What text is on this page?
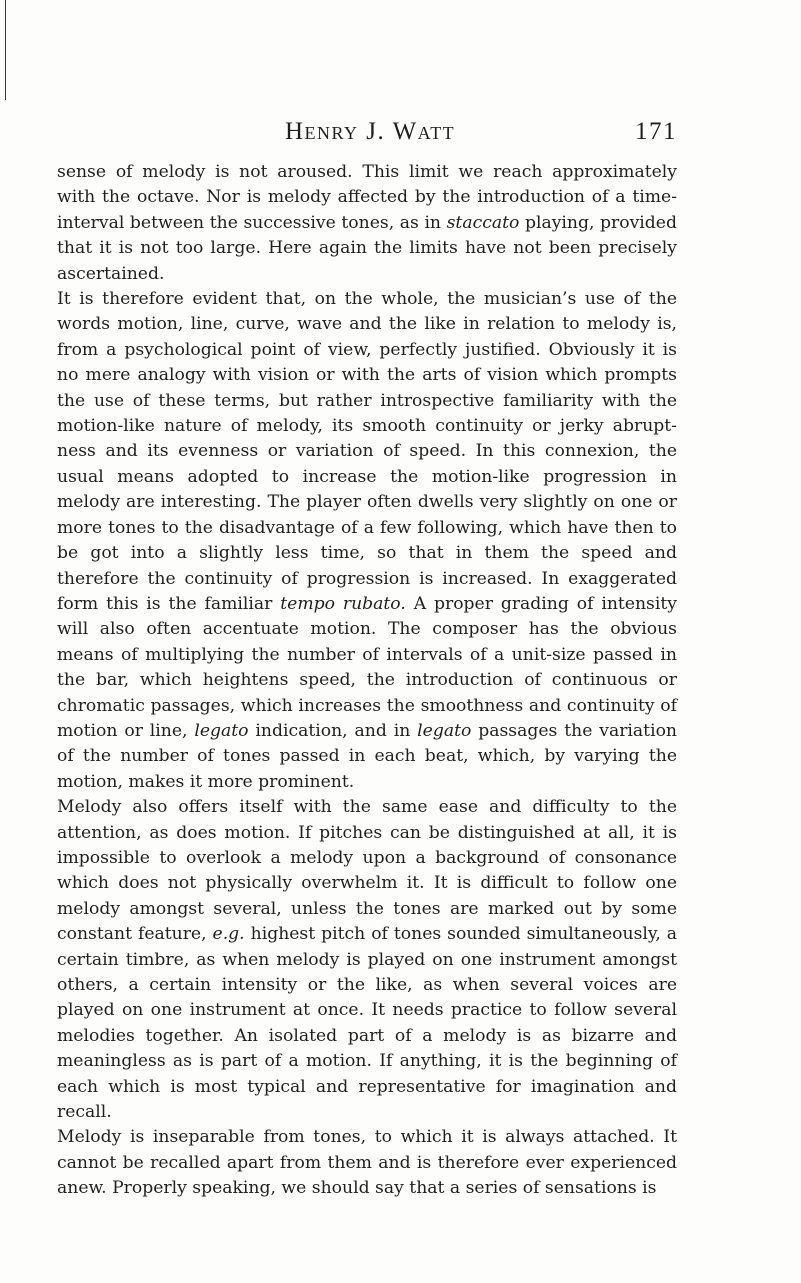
Henry J. Watt	171

sense of melody is not aroused. This limit we reach approximately with the octave. Nor is melody affected by the introduction of a time-interval between the successive tones, as in staccato playing, provided that it is not too large. Here again the limits have not been precisely ascertained.

It is therefore evident that, on the whole, the musician’s use of the words motion, line, curve, wave and the like in relation to melody is, from a psychological point of view, perfectly justified. Obviously it is no mere analogy with vision or with the arts of vision which prompts the use of these terms, but rather introspective familiarity with the motion-like nature of melody, its smooth continuity or jerky abrupt-ness and its evenness or variation of speed. In this connexion, the usual means adopted to increase the motion-like progression in melody are interesting. The player often dwells very slightly on one or more tones to the disadvantage of a few following, which have then to be got into a slightly less time, so that in them the speed and therefore the continuity of progression is increased. In exaggerated form this is the familiar tempo rubato. A proper grading of intensity will also often accentuate motion. The composer has the obvious means of multiplying the number of intervals of a unit-size passed in the bar, which heightens speed, the introduction of continuous or chromatic passages, which increases the smoothness and continuity of motion or line, legato indication, and in legato passages the variation of the number of tones passed in each beat, which, by varying the motion, makes it more prominent.

Melody also offers itself with the same ease and difficulty to the attention, as does motion. If pitches can be distinguished at all, it is impossible to overlook a melody upon a background of consonance which does not physically overwhelm it. It is difficult to follow one melody amongst several, unless the tones are marked out by some constant feature, e.g. highest pitch of tones sounded simultaneously, a certain timbre, as when melody is played on one instrument amongst others, a certain intensity or the like, as when several voices are played on one instrument at once. It needs practice to follow several melodies together. An isolated part of a melody is as bizarre and meaningless as is part of a motion. If anything, it is the beginning of each which is most typical and representative for imagination and recall.

Melody is inseparable from tones, to which it is always attached. It cannot be recalled apart from them and is therefore ever experienced anew. Properly speaking, we should say that a series of sensations is
